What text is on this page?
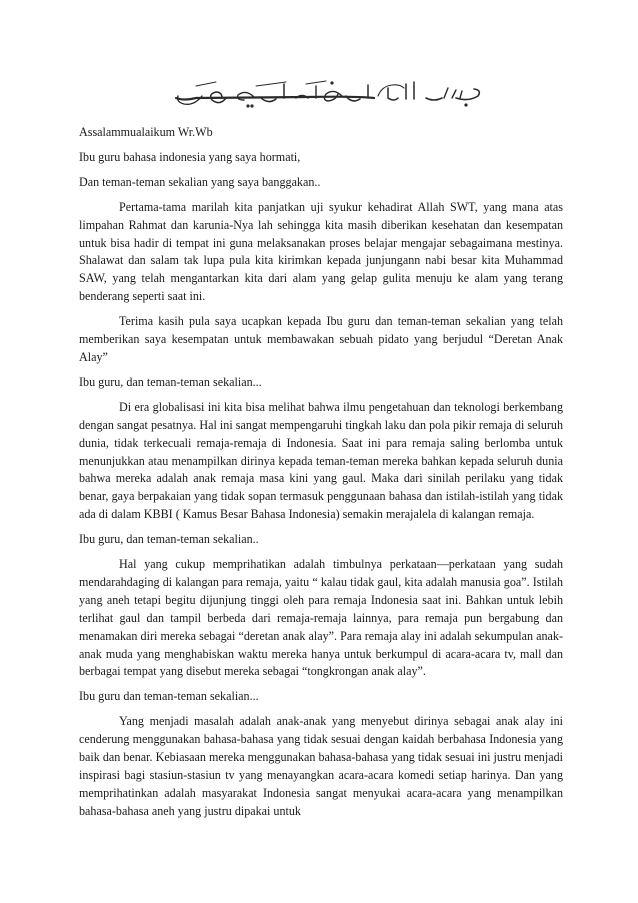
Assalammualaikum Wr.Wb
Ibu guru bahasa indonesia yang saya hormati,
Dan teman-teman sekalian yang saya banggakan..

Pertama-tama marilah kita panjatkan uji syukur kehadirat Allah SWT, yang mana atas limpahan Rahmat dan karunia-Nya lah sehingga kita masih diberikan kesehatan dan kesempatan untuk bisa hadir di tempat ini guna melaksanakan proses belajar mengajar sebagaimana mestinya. Shalawat dan salam tak lupa pula kita kirimkan kepada junjungann nabi besar kita Muhammad SAW, yang telah mengantarkan kita dari alam yang gelap gulita menuju ke alam yang terang benderang seperti saat ini.

Terima kasih pula saya ucapkan kepada Ibu guru dan teman-teman sekalian yang telah memberikan saya kesempatan untuk membawakan sebuah pidato yang berjudul “Deretan Anak Alay”

Ibu guru, dan teman-teman sekalian...

Di era globalisasi ini kita bisa melihat bahwa ilmu pengetahuan dan teknologi berkembang dengan sangat pesatnya. Hal ini sangat mempengaruhi tingkah laku dan pola pikir remaja di seluruh dunia, tidak terkecuali remaja-remaja di Indonesia. Saat ini para remaja saling berlomba untuk menunjukkan atau menampilkan dirinya kepada teman-teman mereka bahkan kepada seluruh dunia bahwa mereka adalah anak remaja masa kini yang gaul. Maka dari sinilah perilaku yang tidak benar, gaya berpakaian yang tidak sopan termasuk penggunaan bahasa dan istilah-istilah yang tidak ada di dalam KBBI ( Kamus Besar Bahasa Indonesia) semakin merajalela di kalangan remaja.

Ibu guru, dan teman-teman sekalian..

Hal yang cukup memprihatikan adalah timbulnya perkataan—perkataan yang sudah mendarahdaging di kalangan para remaja, yaitu “ kalau tidak gaul, kita adalah manusia goa”. Istilah yang aneh tetapi begitu dijunjung tinggi oleh para remaja Indonesia saat ini. Bahkan untuk lebih terlihat gaul dan tampil berbeda dari remaja-remaja lainnya, para remaja pun bergabung dan menamakan diri mereka sebagai “deretan anak alay”. Para remaja alay ini adalah sekumpulan anak-anak muda yang menghabiskan waktu mereka hanya untuk berkumpul di acara-acara tv, mall dan berbagai tempat yang disebut mereka sebagai “tongkrongan anak alay”.

Ibu guru dan teman-teman sekalian...

Yang menjadi masalah adalah anak-anak yang menyebut dirinya sebagai anak alay ini cenderung menggunakan bahasa-bahasa yang tidak sesuai dengan kaidah berbahasa Indonesia yang baik dan benar. Kebiasaan mereka menggunakan bahasa-bahasa yang tidak sesuai ini justru menjadi inspirasi bagi stasiun-stasiun tv yang menayangkan acara-acara komedi setiap harinya. Dan yang memprihatinkan adalah masyarakat Indonesia sangat menyukai acara-acara yang menampilkan bahasa-bahasa aneh yang justru dipakai untuk
